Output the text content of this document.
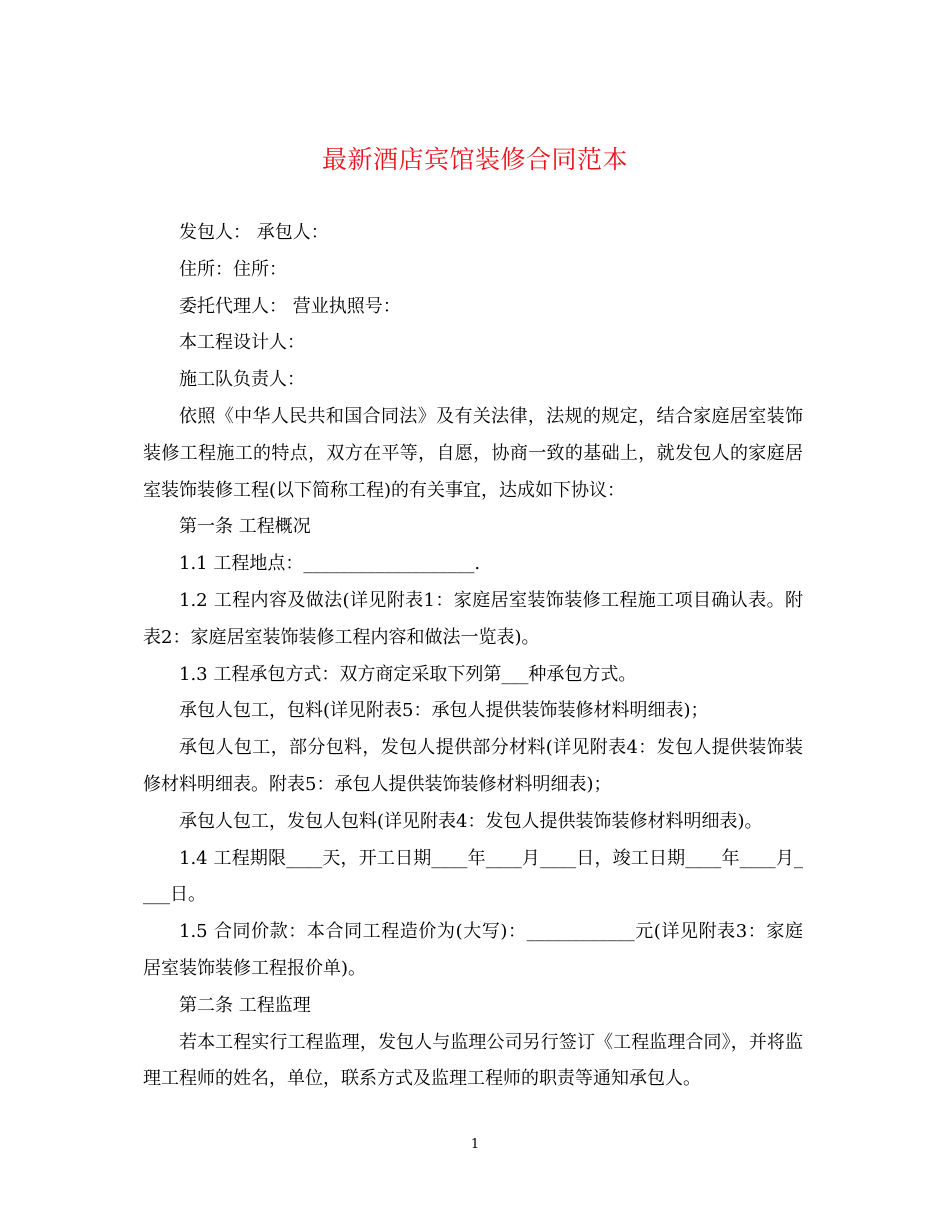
最新酒店宾馆装修合同范本

发包人： 承包人：

住所：住所：

委托代理人： 营业执照号：

本工程设计人：

施工队负责人：

依照《中华人民共和国合同法》及有关法律，法规的规定，结合家庭居室装饰装修工程施工的特点，双方在平等，自愿，协商一致的基础上，就发包人的家庭居室装饰装修工程(以下简称工程)的有关事宜，达成如下协议：

第一条 工程概况

1.1 工程地点：___________________.

1.2 工程内容及做法(详见附表1：家庭居室装饰装修工程施工项目确认表。附表2：家庭居室装饰装修工程内容和做法一览表)。

1.3 工程承包方式：双方商定采取下列第___种承包方式。

承包人包工，包料(详见附表5：承包人提供装饰装修材料明细表)；

承包人包工，部分包料，发包人提供部分材料(详见附表4：发包人提供装饰装修材料明细表。附表5：承包人提供装饰装修材料明细表)；

承包人包工，发包人包料(详见附表4：发包人提供装饰装修材料明细表)。

1.4 工程期限____天，开工日期____年____月____日，竣工日期____年____月____日。

1.5 合同价款：本合同工程造价为(大写)：____________元(详见附表3：家庭居室装饰装修工程报价单)。

第二条 工程监理

若本工程实行工程监理，发包人与监理公司另行签订《工程监理合同》，并将监理工程师的姓名，单位，联系方式及监理工程师的职责等通知承包人。

1
